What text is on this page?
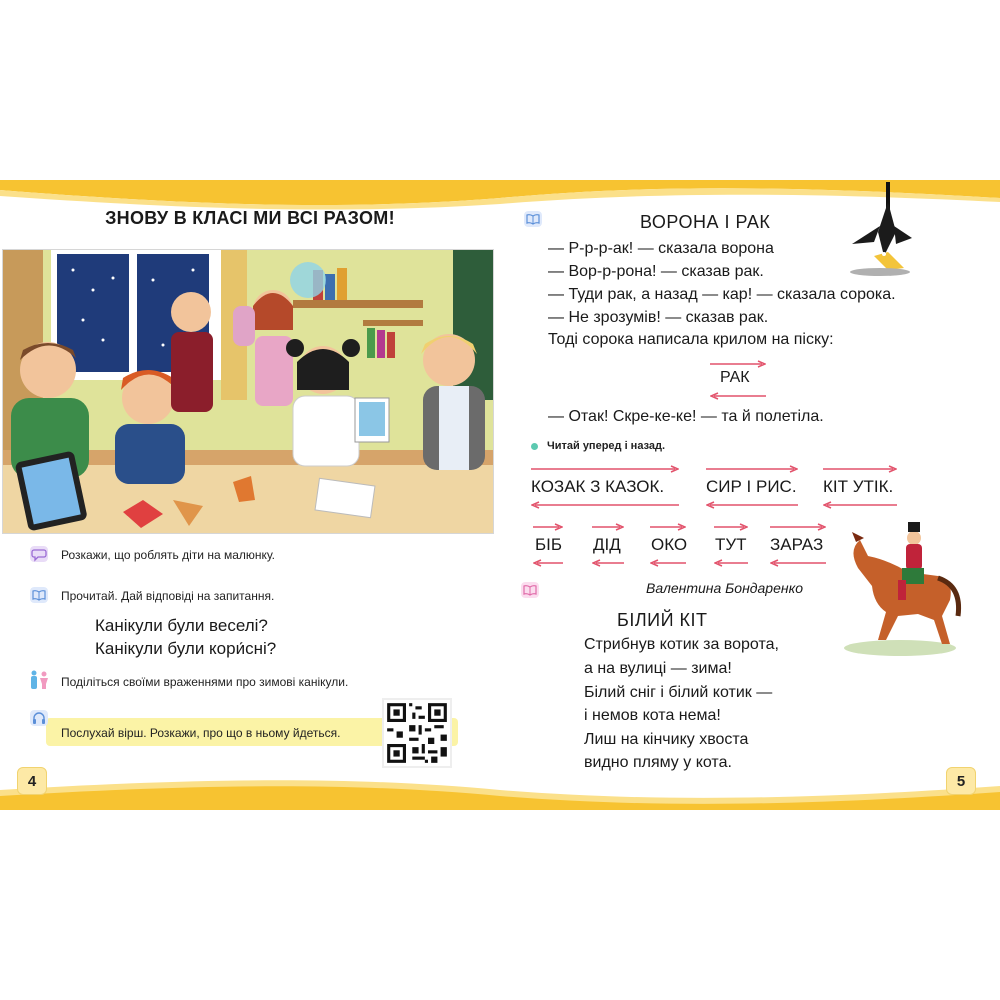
ЗНОВУ В КЛАСІ МИ ВСІ РАЗОМ!
Розкажи, що роблять діти на малюнку.
Прочитай. Дай відповіді на запитання.
Канікули були веселі?
Канікули були кори́сні?
Поділіться своїми враженнями про зимові канікули.
Послухай вірш. Розкажи, про що в ньому йдеться.
4
ВОРОНА І РАК
— Р-р-р-ак! — сказала ворона
— Вор-р-рона! — сказав рак.
— Туди рак, а назад — кар! — сказала сорока.
— Не зрозумів! — сказав рак.
Тоді сорока написала крилом на піску:
РАК
— Отак! Скре-ке-ке! — та й полетіла.
Читай уперед і назад.
КОЗАК З КАЗОК. СИР І РИС. КІТ УТІК.
БІБ ДІД ОКО ТУТ ЗАРАЗ
Валентина Бондаренко
БІЛИЙ КІТ
Стрибнув котик за ворота,
а на вулиці — зима!
Білий сніг і білий котик —
і немов кота нема!
Лиш на кінчику хвоста
видно пляму у кота.
5
